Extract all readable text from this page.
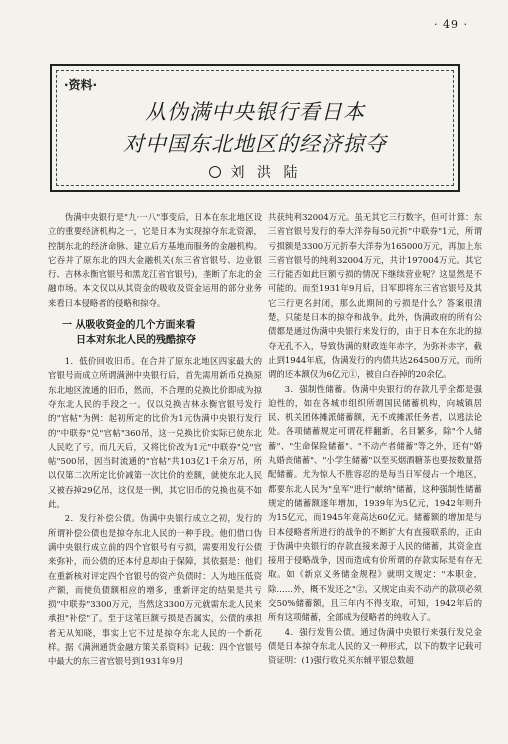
· 49 ·
·资料·
从伪满中央银行看日本
对中国东北地区的经济掠夺
刘 洪 陆

伪满中央银行是"九·一八"事变后，日本在东北地区设立的重要经济机构之一，它是日本为实现掠夺东北资源，控制东北的经济命脉、建立后方基地而服务的金融机构。它吞并了原东北的四大金融机关(东三省官银号、边业银行、吉林永衡官银号和黑龙江省官银号)，垄断了东北的金融市场。本文仅以从其资金的吸收及资金运用的部分业务来看日本侵略者的侵略和掠夺。

一 从吸收资金的几个方面来看
日本对东北人民的残酷掠夺

1．低价回收旧币。在合并了原东北地区四家最大的官银号而成立所谓满洲中央银行后，首先需用新币兑换原东北地区流通的旧币，然而，不合理的兑换比价即成为掠夺东北人民的手段之一。仅以兑换吉林永衡官银号发行的"官帖"为例：起初所定的比价为1元伪满中央银行发行的"中联券"兑"官帖"360吊，这一兑换比价实际已使东北人民吃了亏，而几天后，又将比价改为1元"中联券"兑"官帖"500吊，因当时流通的"官帖"共103亿1千余万吊，所以仅第二次所定比价减第一次比价的差额，就使东北人民又被吞掉29亿吊，这仅是一例，其它旧币的兑换也莫不如此。

2．发行补偿公债。伪满中央银行成立之初，发行的所谓补偿公债也是掠夺东北人民的一种手段。他们借口伪满中央银行成立前的四个官银号有亏损，需要用发行公债来弥补，而公债的还本付息却由于保障，其依据是：他们在重新核对评定四个官银号的资产负债时：人为地压低资产额，而使负债额相应的增多，重新评定的结果是共亏损"中联券"3300万元，当然这3300万元就需东北人民来承担"补偿"了。至于这笔巨额亏损是否属实，公债的承担者无从知晓，事实上它不过是掠夺东北人民的一个新花样。据《满洲通货金融方策关系资料》记载：四个官银号中最大的东三省官银号到1931年9月

共获纯利32004万元。虽无其它三行数字，但可计算：东三省官银号发行的奉大洋券每50元折"中联券"1元，所谓亏损额是3300万元折奉大洋券为165000万元，再加上东三省官银号的纯利32004万元，共计197004万元。其它三行能否如此巨额亏损的情况下继续营业呢？这显然是不可能的。而至1931年9月后，日军即将东三省官银号及其它三行更名封闭，那么此期间的亏损是什么？答案很清楚，只能是日本的掠夺和战争。此外，伪满政府的所有公债都是通过伪满中央银行来发行的，由于日本在东北的掠夺无孔不入，导致伪满的财政连年赤字，为弥补赤字，截止到1944年底，伪满发行的内债共达264500万元，而所谓的还本额仅为6亿元①，被自白吞掉的20余亿。

3．强制性储蓄。伪满中央银行的存款几乎全都是强迫性的，如在各城市组织所谓国民储蓄机构，向城镇居民、机关团体摊派储蓄额，无不或摊派任务者，以逃法论处。各项储蓄规定可谓花样翻新，名目繁多，除"个人储蓄"、"生命保险储蓄"、"不动产者储蓄"等之外，还有"婚丸婚丧储蓄"、"小学生储蓄"以至买烟酒糖茶也要按数量搭配储蓄。尤为惊人不胜容忍的是每当日军侵占一个地区，都要东北人民为"皇军"进行"献纳"储蓄，这种强制性储蓄规定的储蓄额逐年增加，1939年为5亿元，1942年则升为15亿元，而1945年竟高达60亿元。储蓄额的增加是与日本侵略者所进行的战争的不断扩大有直接联系的，正由于伪满中央银行的存款直接来源于人民的储蓄，其资金直接用于侵略战争，因而造成有价所谓的存款实际是有存无取。如《新京义务储金规程》就明文规定："本职金，除……外，概不发还之"②。又规定由卖不动产的款项必须交50%储蓄额，且三年内不得支取，可知，1942年后的所有这项储蓄，全部成为侵略者的纯收入了。

4．强行发售公债。通过伪满中央银行来强行发兑金债是日本掠夺东北人民的又一种形式，以下的数字记载可资证明：(1)强行收兑买东辅平银总数超
